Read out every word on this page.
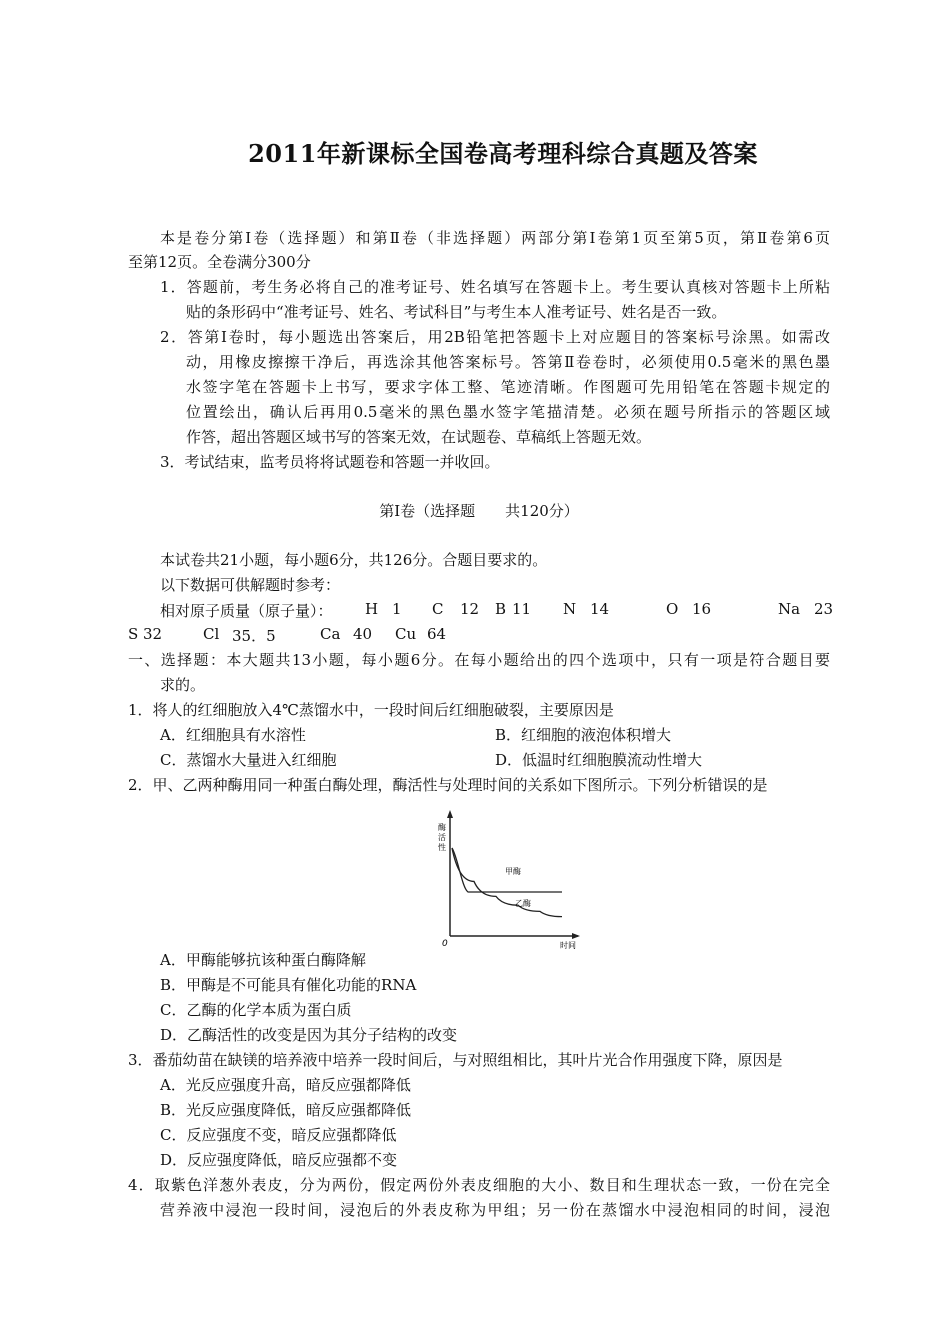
2011年新课标全国卷高考理科综合真题及答案
本是卷分第Ⅰ卷（选择题）和第Ⅱ卷（非选择题）两部分第Ⅰ卷第1页至第5页，第Ⅱ卷第6页
至第12页。全卷满分300分
1．答题前，考生务必将自己的准考证号、姓名填写在答题卡上。考生要认真核对答题卡上所粘
贴的条形码中“准考证号、姓名、考试科目”与考生本人准考证号、姓名是否一致。
2．答第Ⅰ卷时，每小题选出答案后，用2B铅笔把答题卡上对应题目的答案标号涂黑。如需改
动，用橡皮擦擦干净后，再选涂其他答案标号。答第Ⅱ卷卷时，必须使用0.5毫米的黑色墨
水签字笔在答题卡上书写，要求字体工整、笔迹清晰。作图题可先用铅笔在答题卡规定的
位置绘出，确认后再用0.5毫米的黑色墨水签字笔描清楚。必须在题号所指示的答题区域
作答，超出答题区域书写的答案无效，在试题卷、草稿纸上答题无效。
3．考试结束，监考员将将试题卷和答题一并收回。
第Ⅰ卷（选择题　　共120分）
本试卷共21小题，每小题6分，共126分。合题目要求的。
以下数据可供解题时参考：
相对原子质量（原子量）： H 1 C 12 B 11 N 14	O 16	Na 23
S 32	Cl 35．5	Ca 40 Cu 64
一、选择题：本大题共13小题，每小题6分。在每小题给出的四个选项中，只有一项是符合题目要
求的。
1．将人的红细胞放入4℃蒸馏水中，一段时间后红细胞破裂，主要原因是
A．红细胞具有水溶性	B．红细胞的液泡体积增大
C．蒸馏水大量进入红细胞	D．低温时红细胞膜流动性增大
2．甲、乙两种酶用同一种蛋白酶处理，酶活性与处理时间的关系如下图所示。下列分析错误的是
酶
活
性
0	时间
甲酶
乙酶
A．甲酶能够抗该种蛋白酶降解
B．甲酶是不可能具有催化功能的RNA
C．乙酶的化学本质为蛋白质
D．乙酶活性的改变是因为其分子结构的改变
3．番茄幼苗在缺镁的培养液中培养一段时间后，与对照组相比，其叶片光合作用强度下降，原因是
A．光反应强度升高，暗反应强都降低
B．光反应强度降低，暗反应强都降低
C．反应强度不变，暗反应强都降低
D．反应强度降低，暗反应强都不变
4．取紫色洋葱外表皮，分为两份，假定两份外表皮细胞的大小、数目和生理状态一致，一份在完全
营养液中浸泡一段时间，浸泡后的外表皮称为甲组；另一份在蒸馏水中浸泡相同的时间，浸泡
